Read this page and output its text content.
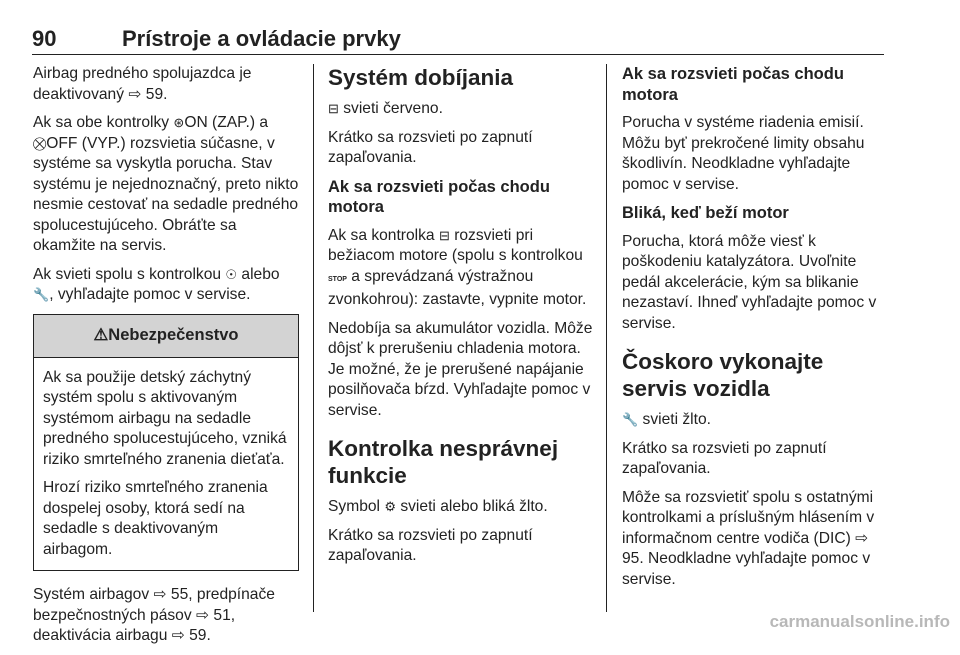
90	Prístroje a ovládacie prvky

Airbag predného spolujazdca je deaktivovaný ⇨ 59.

Ak sa obe kontrolky ⊛ON (ZAP.) a ⛒OFF (VYP.) rozsvietia súčasne, v systéme sa vyskytla porucha. Stav systému je nejednoznačný, preto nikto nesmie cestovať na sedadle predného spolucestujúceho. Obráťte sa okamžite na servis.

Ak svieti spolu s kontrolkou ☉ alebo 🔧, vyhľadajte pomoc v servise.

⚠ Nebezpečenstvo

Ak sa použije detský záchytný systém spolu s aktivovaným systémom airbagu na sedadle predného spolucestujúceho, vzniká riziko smrteľného zranenia dieťaťa.

Hrozí riziko smrteľného zranenia dospelej osoby, ktorá sedí na sedadle s deaktivovaným airbagom.

Systém airbagov ⇨ 55, predpínače bezpečnostných pásov ⇨ 51, deaktivácia airbagu ⇨ 59.

Systém dobíjania

⊟ svieti červeno.

Krátko sa rozsvieti po zapnutí zapaľovania.

Ak sa rozsvieti počas chodu motora

Ak sa kontrolka ⊟ rozsvieti pri bežiacom motore (spolu s kontrolkou STOP a sprevádzaná výstražnou zvonkohrou): zastavte, vypnite motor.

Nedobíja sa akumulátor vozidla. Môže dôjsť k prerušeniu chladenia motora. Je možné, že je prerušené napájanie posilňovača bŕzd. Vyhľadajte pomoc v servise.

Kontrolka nesprávnej funkcie

Symbol ⚙ svieti alebo bliká žlto.

Krátko sa rozsvieti po zapnutí zapaľovania.

Ak sa rozsvieti počas chodu motora

Porucha v systéme riadenia emisií. Môžu byť prekročené limity obsahu škodlivín. Neodkladne vyhľadajte pomoc v servise.

Bliká, keď beží motor

Porucha, ktorá môže viesť k poškodeniu katalyzátora. Uvoľnite pedál akcelerácie, kým sa blikanie nezastaví. Ihneď vyhľadajte pomoc v servise.

Čoskoro vykonajte servis vozidla

🔧 svieti žlto.

Krátko sa rozsvieti po zapnutí zapaľovania.

Môže sa rozsvietiť spolu s ostatnými kontrolkami a príslušným hlásením v informačnom centre vodiča (DIC) ⇨ 95. Neodkladne vyhľadajte pomoc v servise.

carmanualsonline.info
